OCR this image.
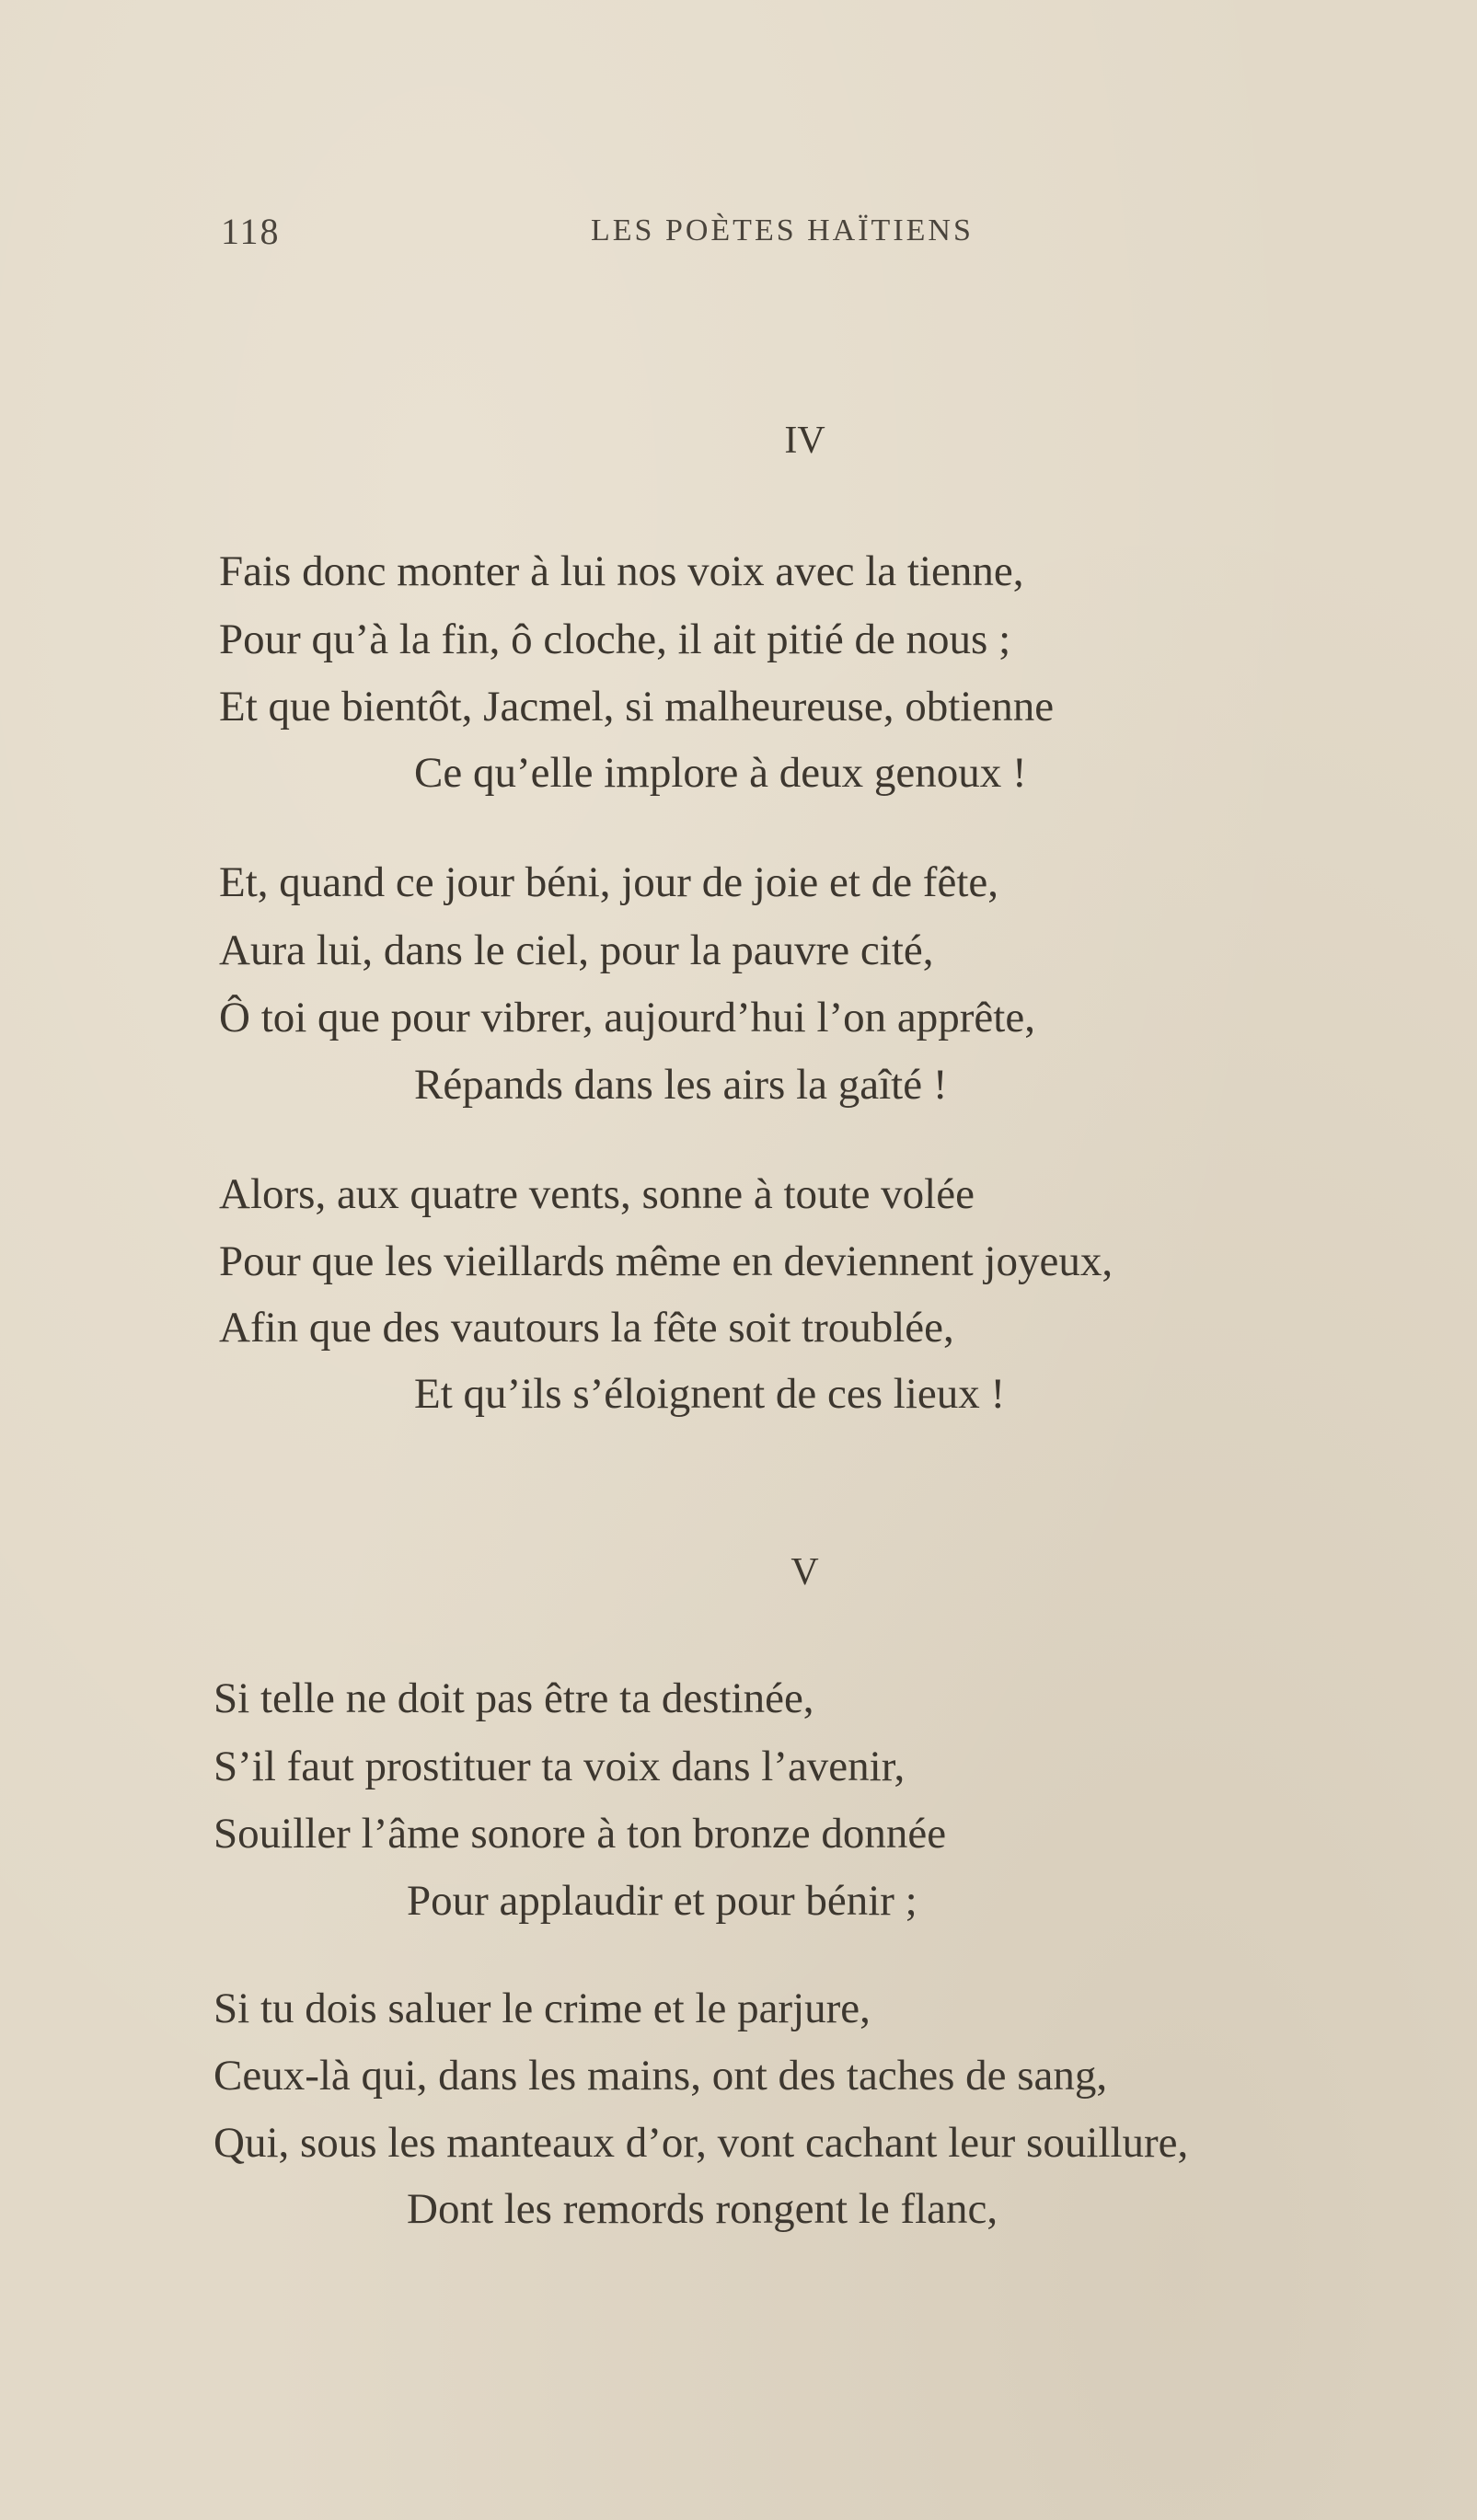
118	LES POÈTES HAÏTIENS
IV
Fais donc monter à lui nos voix avec la tienne,
Pour qu’à la fin, ô cloche, il ait pitié de nous ;
Et que bientôt, Jacmel, si malheureuse, obtienne
Ce qu’elle implore à deux genoux !
Et, quand ce jour béni, jour de joie et de fête,
Aura lui, dans le ciel, pour la pauvre cité,
Ô toi que pour vibrer, aujourd’hui l’on apprête,
Répands dans les airs la gaîté !
Alors, aux quatre vents, sonne à toute volée
Pour que les vieillards même en deviennent joyeux,
Afin que des vautours la fête soit troublée,
Et qu’ils s’éloignent de ces lieux !
V
Si telle ne doit pas être ta destinée,
S’il faut prostituer ta voix dans l’avenir,
Souiller l’âme sonore à ton bronze donnée
Pour applaudir et pour bénir ;
Si tu dois saluer le crime et le parjure,
Ceux-là qui, dans les mains, ont des taches de sang,
Qui, sous les manteaux d’or, vont cachant leur souillure,
Dont les remords rongent le flanc,
